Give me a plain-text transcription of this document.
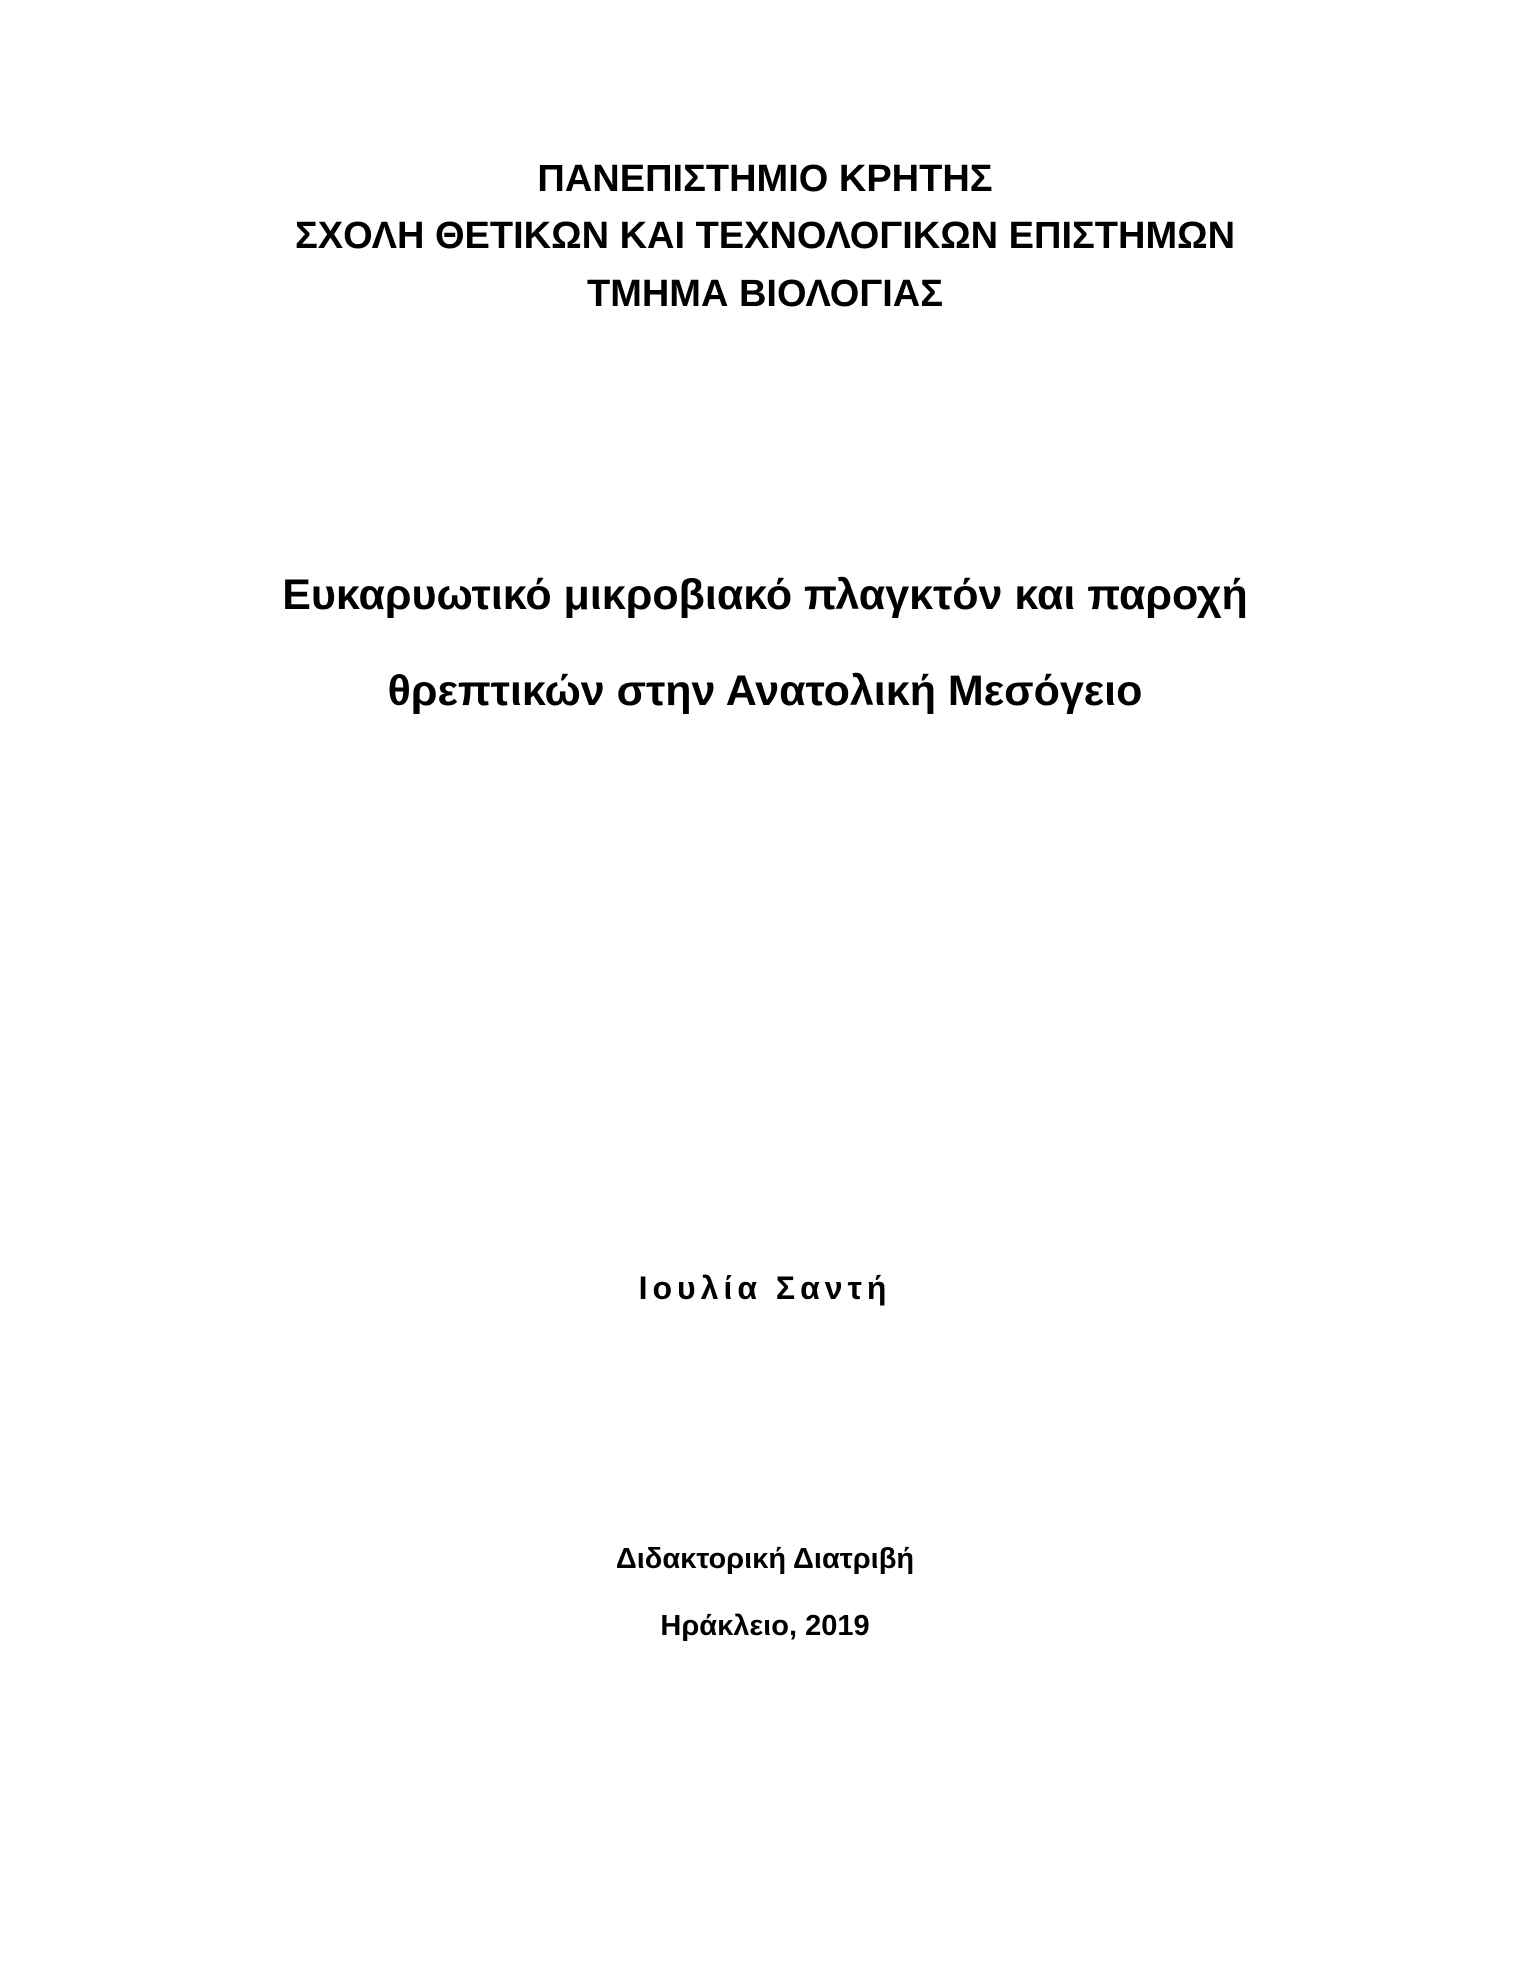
ΠΑΝΕΠΙΣΤΗΜΙΟ ΚΡΗΤΗΣ
ΣΧΟΛΗ ΘΕΤΙΚΩΝ ΚΑΙ ΤΕΧΝΟΛΟΓΙΚΩΝ ΕΠΙΣΤΗΜΩΝ
ΤΜΗΜΑ ΒΙΟΛΟΓΙΑΣ
Ευκαρυωτικό μικροβιακό πλαγκτόν και παροχή
θρεπτικών στην Ανατολική Μεσόγειο
Ιουλία Σαντή
Διδακτορική Διατριβή
Ηράκλειο, 2019
